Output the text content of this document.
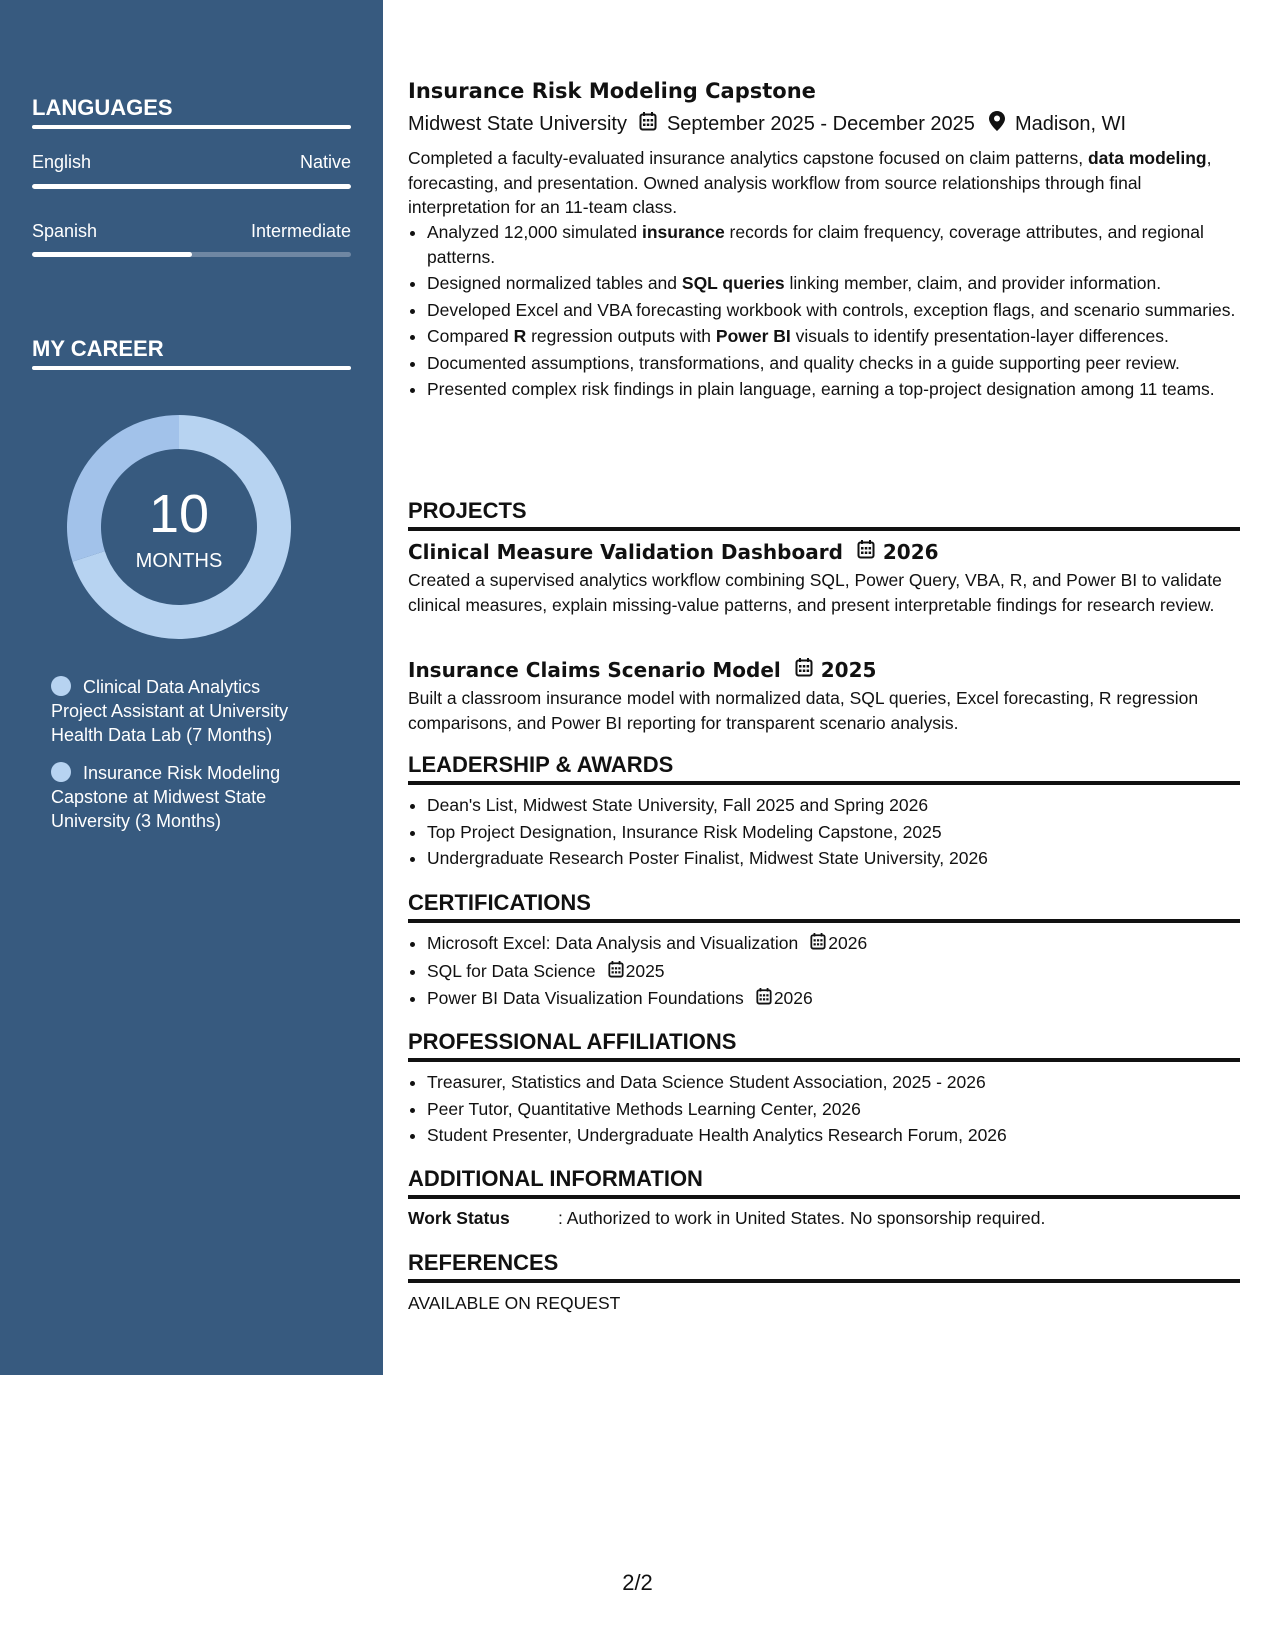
LANGUAGES
English	Native
Spanish	Intermediate
MY CAREER
10
MONTHS
Clinical Data Analytics Project Assistant at University Health Data Lab (7 Months)
Insurance Risk Modeling Capstone at Midwest State University (3 Months)
Insurance Risk Modeling Capstone
Midwest State University September 2025 - December 2025 Madison, WI
Completed a faculty-evaluated insurance analytics capstone focused on claim patterns, data modeling, forecasting, and presentation. Owned analysis workflow from source relationships through final interpretation for an 11-team class.
• Analyzed 12,000 simulated insurance records for claim frequency, coverage attributes, and regional patterns.
• Designed normalized tables and SQL queries linking member, claim, and provider information.
• Developed Excel and VBA forecasting workbook with controls, exception flags, and scenario summaries.
• Compared R regression outputs with Power BI visuals to identify presentation-layer differences.
• Documented assumptions, transformations, and quality checks in a guide supporting peer review.
• Presented complex risk findings in plain language, earning a top-project designation among 11 teams.
PROJECTS
Clinical Measure Validation Dashboard 2026
Created a supervised analytics workflow combining SQL, Power Query, VBA, R, and Power BI to validate clinical measures, explain missing-value patterns, and present interpretable findings for research review.
Insurance Claims Scenario Model 2025
Built a classroom insurance model with normalized data, SQL queries, Excel forecasting, R regression comparisons, and Power BI reporting for transparent scenario analysis.
LEADERSHIP & AWARDS
• Dean's List, Midwest State University, Fall 2025 and Spring 2026
• Top Project Designation, Insurance Risk Modeling Capstone, 2025
• Undergraduate Research Poster Finalist, Midwest State University, 2026
CERTIFICATIONS
• Microsoft Excel: Data Analysis and Visualization 2026
• SQL for Data Science 2025
• Power BI Data Visualization Foundations 2026
PROFESSIONAL AFFILIATIONS
• Treasurer, Statistics and Data Science Student Association, 2025 - 2026
• Peer Tutor, Quantitative Methods Learning Center, 2026
• Student Presenter, Undergraduate Health Analytics Research Forum, 2026
ADDITIONAL INFORMATION
Work Status	: Authorized to work in United States. No sponsorship required.
REFERENCES
AVAILABLE ON REQUEST
2/2
